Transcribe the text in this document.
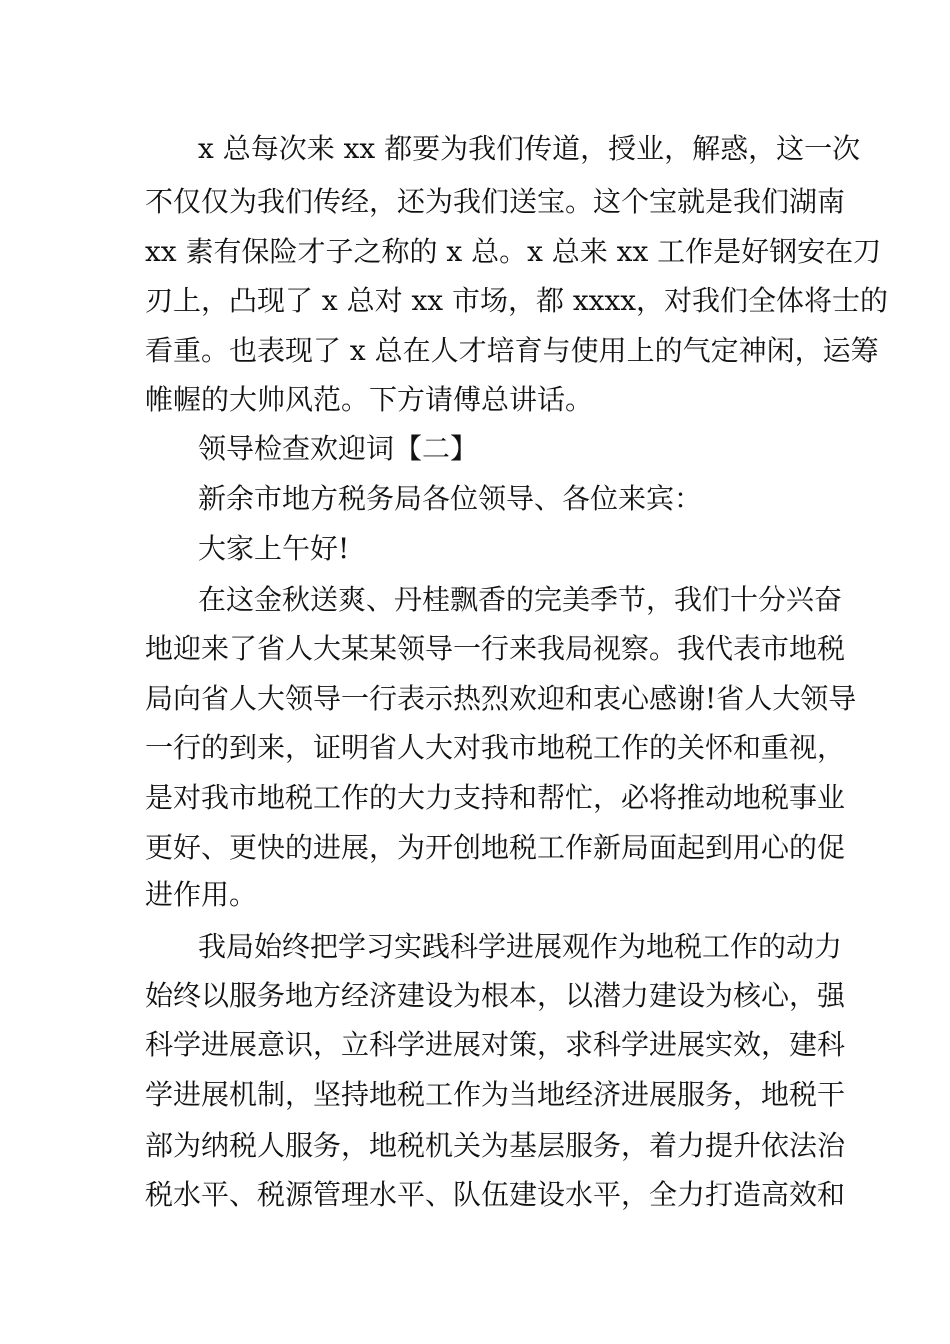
x 总每次来 xx 都要为我们传道，授业，解惑，这一次
不仅仅为我们传经，还为我们送宝。这个宝就是我们湖南
xx 素有保险才子之称的 x 总。x 总来 xx 工作是好钢安在刀
刃上，凸现了 x 总对 xx 市场，都 xxxx，对我们全体将士的
看重。也表现了 x 总在人才培育与使用上的气定神闲，运筹
帷幄的大帅风范。下方请傅总讲话。
领导检查欢迎词【二】
新余市地方税务局各位领导、各位来宾：
大家上午好!
在这金秋送爽、丹桂飘香的完美季节，我们十分兴奋
地迎来了省人大某某领导一行来我局视察。我代表市地税
局向省人大领导一行表示热烈欢迎和衷心感谢!省人大领导
一行的到来，证明省人大对我市地税工作的关怀和重视，
是对我市地税工作的大力支持和帮忙，必将推动地税事业
更好、更快的进展，为开创地税工作新局面起到用心的促
进作用。
我局始终把学习实践科学进展观作为地税工作的动力
始终以服务地方经济建设为根本，以潜力建设为核心，强
科学进展意识，立科学进展对策，求科学进展实效，建科
学进展机制，坚持地税工作为当地经济进展服务，地税干
部为纳税人服务，地税机关为基层服务，着力提升依法治
税水平、税源管理水平、队伍建设水平，全力打造高效和
